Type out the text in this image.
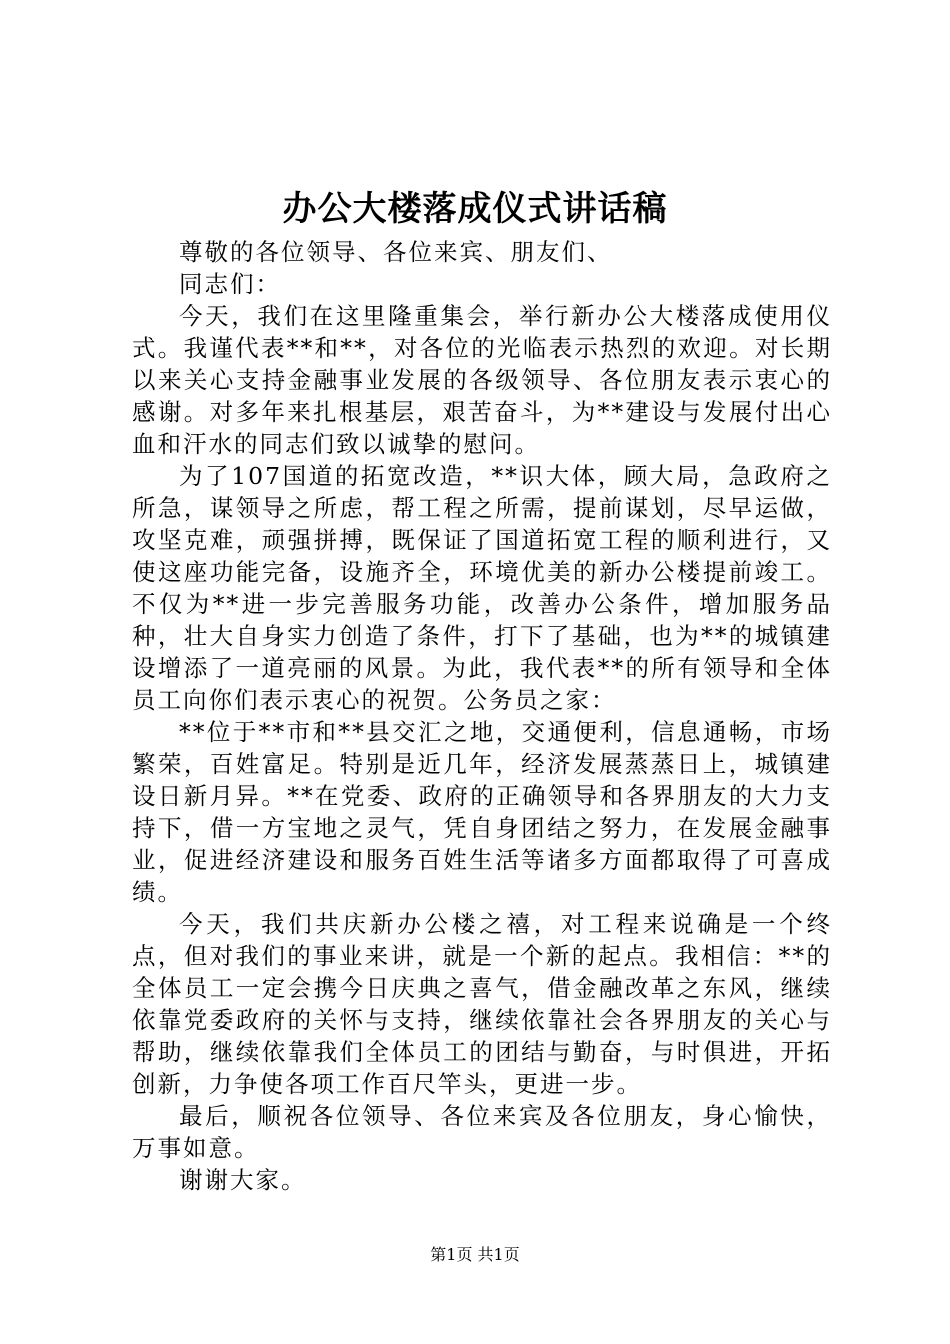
办公大楼落成仪式讲话稿

尊敬的各位领导、各位来宾、朋友们、

同志们：

今天，我们在这里隆重集会，举行新办公大楼落成使用仪式。我谨代表**和**，对各位的光临表示热烈的欢迎。对长期以来关心支持金融事业发展的各级领导、各位朋友表示衷心的感谢。对多年来扎根基层，艰苦奋斗，为**建设与发展付出心血和汗水的同志们致以诚挚的慰问。

为了107国道的拓宽改造，**识大体，顾大局，急政府之所急，谋领导之所虑，帮工程之所需，提前谋划，尽早运做，攻坚克难，顽强拼搏，既保证了国道拓宽工程的顺利进行，又使这座功能完备，设施齐全，环境优美的新办公楼提前竣工。不仅为**进一步完善服务功能，改善办公条件，增加服务品种，壮大自身实力创造了条件，打下了基础，也为**的城镇建设增添了一道亮丽的风景。为此，我代表**的所有领导和全体员工向你们表示衷心的祝贺。公务员之家：

**位于**市和**县交汇之地，交通便利，信息通畅，市场繁荣，百姓富足。特别是近几年，经济发展蒸蒸日上，城镇建设日新月异。**在党委、政府的正确领导和各界朋友的大力支持下，借一方宝地之灵气，凭自身团结之努力，在发展金融事业，促进经济建设和服务百姓生活等诸多方面都取得了可喜成绩。

今天，我们共庆新办公楼之禧，对工程来说确是一个终点，但对我们的事业来讲，就是一个新的起点。我相信：**的全体员工一定会携今日庆典之喜气，借金融改革之东风，继续依靠党委政府的关怀与支持，继续依靠社会各界朋友的关心与帮助，继续依靠我们全体员工的团结与勤奋，与时俱进，开拓创新，力争使各项工作百尺竿头，更进一步。

最后，顺祝各位领导、各位来宾及各位朋友，身心愉快，万事如意。

谢谢大家。

第1页 共1页
